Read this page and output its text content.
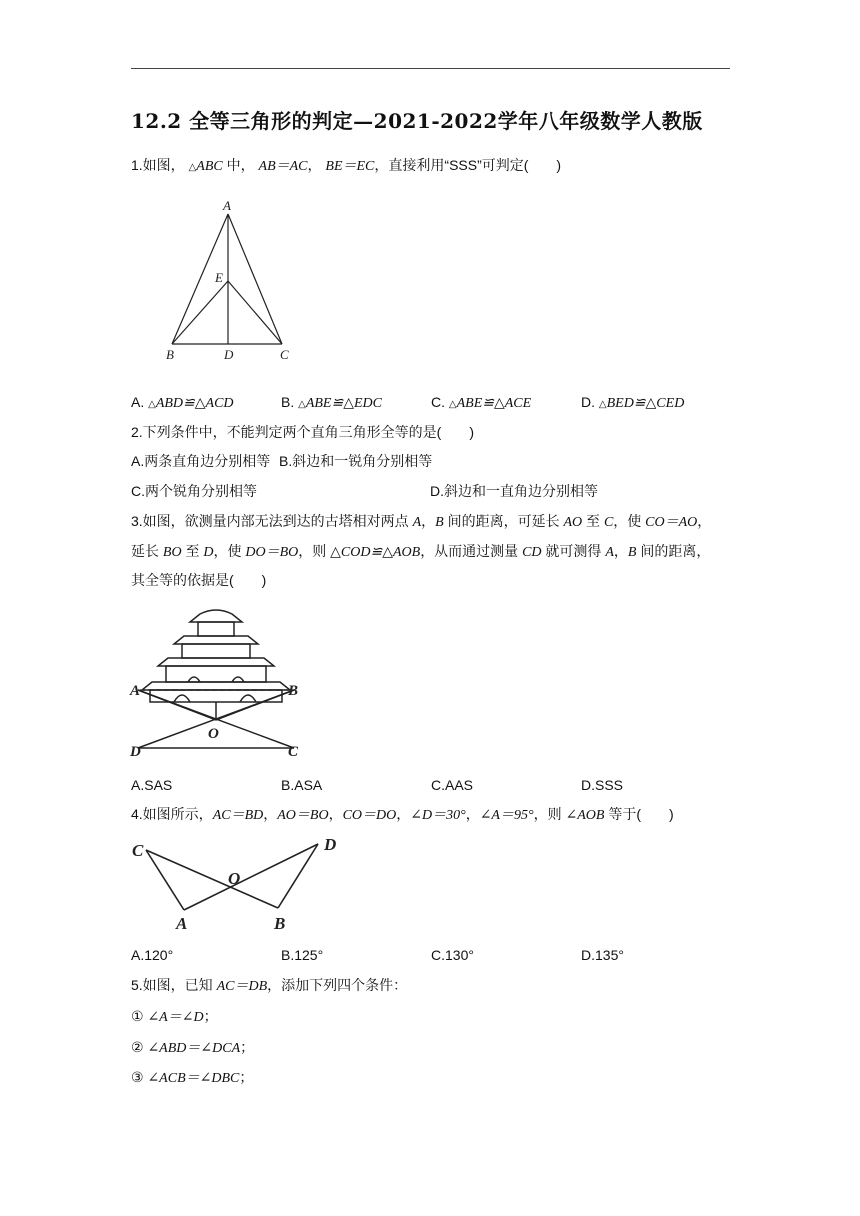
12.2 全等三角形的判定—2021-2022学年八年级数学人教版
1.如图， △ABC 中， AB＝AC， BE＝EC，直接利用“SSS”可判定(　　)
A
E
B	D	C
A. △ABD≌△ACD	B. △ABE≌△EDC	C. △ABE≌△ACE	D. △BED≌△CED
2.下列条件中，不能判定两个直角三角形全等的是(　　)
A.两条直角边分别相等 B.斜边和一锐角分别相等
C.两个锐角分别相等	D.斜边和一直角边分别相等
3.如图，欲测量内部无法到达的古塔相对两点 A，B 间的距离，可延长 AO 至 C，使 CO＝AO，
延长 BO 至 D，使 DO＝BO，则 △COD≌△AOB，从而通过测量 CD 就可测得 A，B 间的距离，
其全等的依据是(　　)
A	B
O
D	C
A.SAS	B.ASA	C.AAS	D.SSS
4.如图所示，AC＝BD，AO＝BO，CO＝DO，∠D＝30°，∠A＝95°，则 ∠AOB 等于(　　)
C	D
O
A	B
A.120°	B.125°	C.130°	D.135°
5.如图，已知 AC＝DB，添加下列四个条件：
① ∠A＝∠D；
② ∠ABD＝∠DCA；
③ ∠ACB＝∠DBC；
